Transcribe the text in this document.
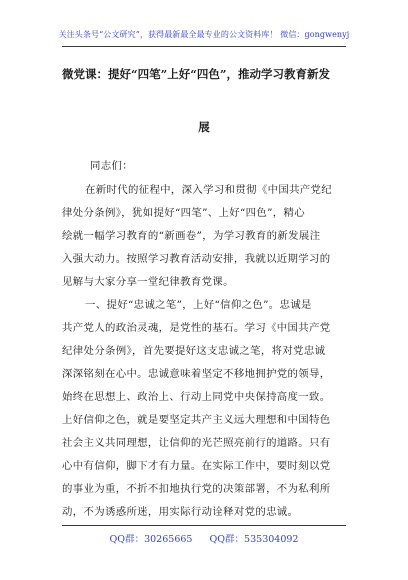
关注头条号“公文研究”，获得最新最全最专业的公文资料库！ 微信：gongwenyj
微党课：提好“四笔”上好“四色”，推动学习教育新发
展
同志们：
在新时代的征程中，深入学习和贯彻《中国共产党纪
律处分条例》，犹如提好“四笔”、上好“四色”，精心
绘就一幅学习教育的“新画卷”，为学习教育的新发展注
入强大动力。按照学习教育活动安排，我就以近期学习的
见解与大家分享一堂纪律教育党课。
一、提好“忠诚之笔”，上好“信仰之色”。忠诚是
共产党人的政治灵魂，是党性的基石。学习《中国共产党
纪律处分条例》，首先要提好这支忠诚之笔，将对党忠诚
深深铭刻在心中。忠诚意味着坚定不移地拥护党的领导，
始终在思想上、政治上、行动上同党中央保持高度一致。
上好信仰之色，就是要坚定共产主义远大理想和中国特色
社会主义共同理想，让信仰的光芒照亮前行的道路。只有
心中有信仰，脚下才有力量。在实际工作中，要时刻以党
的事业为重，不折不扣地执行党的决策部署，不为私利所
动，不为诱惑所迷，用实际行动诠释对党的忠诚。
QQ群：30265665 QQ群：535304092
